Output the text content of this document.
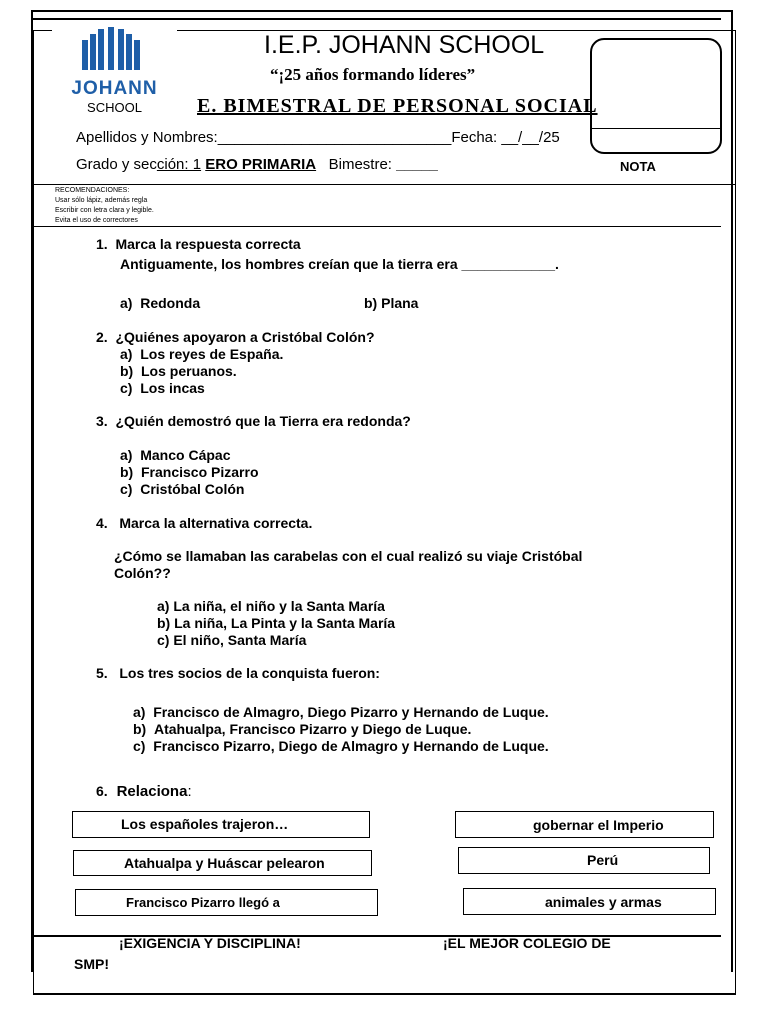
JOHANN
SCHOOL
I.E.P. JOHANN SCHOOL
“¡25 años formando líderes”
E. BIMESTRAL DE PERSONAL SOCIAL
NOTA
Apellidos y Nombres:____________________________Fecha: __/__/25
Grado y sección: 1 ERO PRIMARIA Bimestre: _____
RECOMENDACIONES:
Usar sólo lápiz, además regla
Escribir con letra clara y legible.
Evita el uso de correctores
1. Marca la respuesta correcta
Antiguamente, los hombres creían que la tierra era ____________.
a) Redonda	b) Plana
2. ¿Quiénes apoyaron a Cristóbal Colón?
a) Los reyes de España.
b) Los peruanos.
c) Los incas
3. ¿Quién demostró que la Tierra era redonda?
a) Manco Cápac
b) Francisco Pizarro
c) Cristóbal Colón
4. Marca la alternativa correcta.
¿Cómo se llamaban las carabelas con el cual realizó su viaje Cristóbal
Colón??
a) La niña, el niño y la Santa María
b) La niña, La Pinta y la Santa María
c) El niño, Santa María
5. Los tres socios de la conquista fueron:
a) Francisco de Almagro, Diego Pizarro y Hernando de Luque.
b) Atahualpa, Francisco Pizarro y Diego de Luque.
c) Francisco Pizarro, Diego de Almagro y Hernando de Luque.
6. Relaciona:
Los españoles trajeron…
Atahualpa y Huáscar pelearon
Francisco Pizarro llegó a
gobernar el Imperio
Perú
animales y armas
¡EXIGENCIA Y DISCIPLINA!	¡EL MEJOR COLEGIO DE
SMP!
